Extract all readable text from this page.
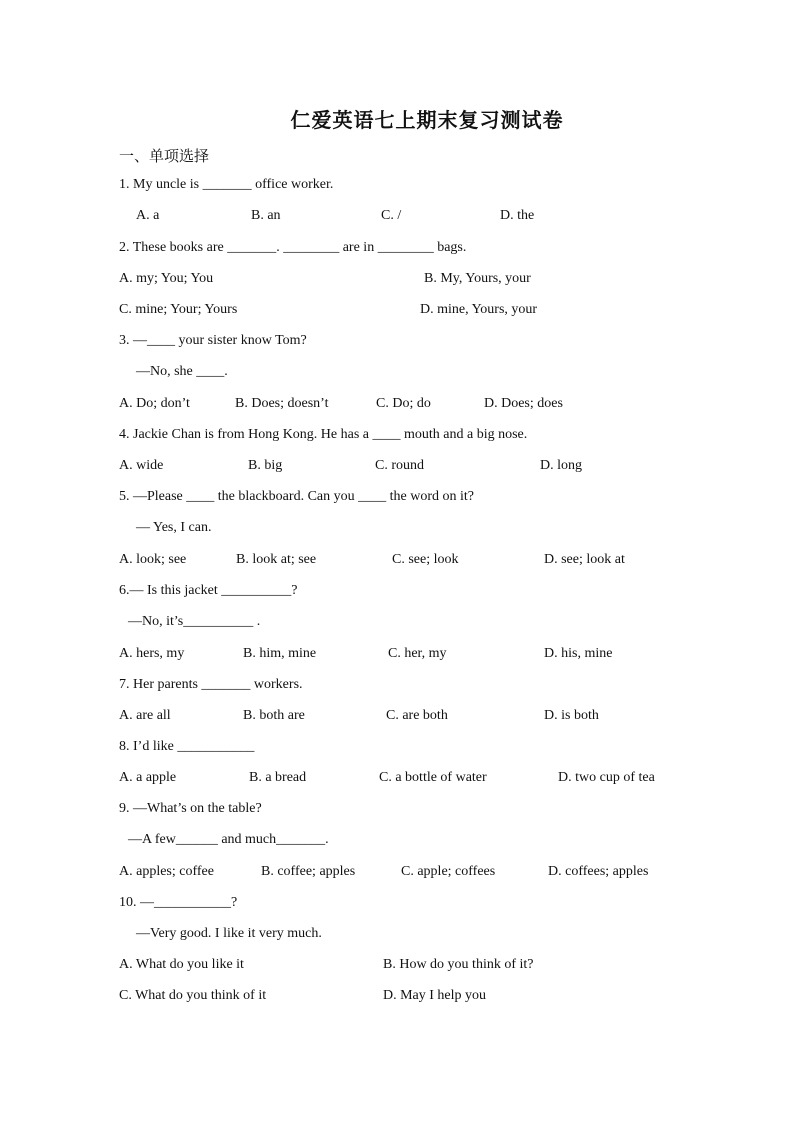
仁爱英语七上期末复习测试卷
一、单项选择
1. My uncle is _______ office worker.
A. a	B. an	C. /	D. the
2. These books are _______. ________ are in ________ bags.
A. my; You; You	B. My, Yours, your
C. mine; Your; Yours	D. mine, Yours, your
3. —____ your sister know Tom?
—No, she ____.
A. Do; don’t	B. Does; doesn’t	C. Do; do	D. Does; does
4. Jackie Chan is from Hong Kong. He has a ____ mouth and a big nose.
A. wide	B. big	C. round	D. long
5. —Please ____ the blackboard. Can you ____ the word on it?
— Yes, I can.
A. look; see	B. look at; see	C. see; look	D. see; look at
6.— Is this jacket __________?
—No, it’s__________ .
A. hers, my	B. him, mine	C. her, my	D. his, mine
7. Her parents _______ workers.
A. are all	B. both are	C. are both	D. is both
8. I’d like ___________
A. a apple	B. a bread	C. a bottle of water	D. two cup of tea
9. —What’s on the table?
—A few______ and much_______.
A. apples; coffee	B. coffee; apples	C. apple; coffees	D. coffees; apples
10. —___________?
—Very good. I like it very much.
A. What do you like it	B. How do you think of it?
C. What do you think of it	D. May I help you
